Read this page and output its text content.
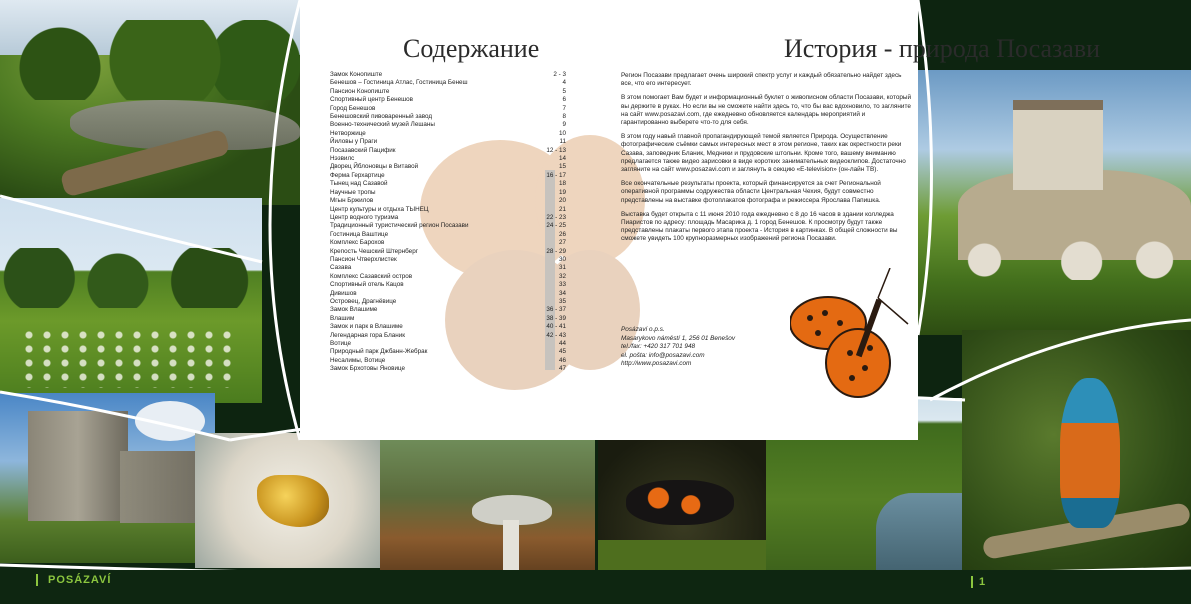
Содержание	История - природа Посазави
Замок Конопиште	2 - 3
Бенешов – Гостиница Атлас, Гостиница Бенеш	4
Пансион Конопиште	5
Спортивный центр Бенешов	6
Город Бенешов	7
Бенешовский пивоваренный завод	8
Военно-технический музей Лешаны	9
Нетворжице	10
Йиловы у Праги	11
Посазавский Пацифик	12 - 13
Нэзвилс	14
Дворец Йблоновцы в Витавой	15
Ферма Герхартице	16 - 17
Тынец над Сазавой	18
Научные тропы	19
Мгын Бржилов	20
Центр культуры и отдыха ТЫНЕЦ	21
Центр водного туризма	22 - 23
Традиционный туристический регион Посазави	24 - 25
Гостиница Ваштице	26
Комплекс Барохов	27
Крепость Чешский Штернберг	28 - 29
Пансион Чтверхлистек	30
Сазава	31
Комплекс Сазавский остров	32
Спортивный отель Кацов	33
Дивишов	34
Островец, Драгнёвице	35
Замок Влашиме	36 - 37
Влашим	38 - 39
Замок и парк в Влашиме	40 - 41
Легендарная гора Бланик	42 - 43
Вотице	44
Природный парк Джбанн-Жебрак	45
Несалимы, Вотице	46
Замок Брхотовы Яновице	47

Регион Посазави предлагает очень широкий спектр услуг и каждый обязательно найдет здесь все, что его интересует.

В этом помогает Вам будет и информационный буклет о живописном области Посазави, который вы держите в руках. Но если вы не сможете найти здесь то, что бы вас вдохновило, то загляните на сайт www.posazavi.com, где ежедневно обновляется календарь мероприятий и гарантированно выберете что-то для себя.

В этом году навый главной пропагандирующей темой является Природа. Осуществление фотографические съёмки самых интересных мест в этом регионе, таких как окрестности реки Сазава, заповедник Бланик, Медники и прудовские штольни. Кроме того, вашему вниманию предлагается также видео зарисовки в виде коротких занимательных видеоклипов. Достаточно загляните на сайт www.posazavi.com и заглянуть в секцию «E-television» (он-лайн ТВ).

Все окончательные результаты проекта, который финансируется за счет Региональной оперативной программы содружества области Центральная Чехия, будут совместно представлены на выставке фотоплакатов фотографа и режиссера Ярослава Папишка.

Выставка будет открыта с 11 июня 2010 года ежедневно с 8 до 16 часов в здании колледжа Пиаристов по адресу: площадь Масарика д. 1 город Бенешов. К просмотру будут также представлены плакаты первого этапа проекта - История в картинках. В общей сложности вы сможете увидеть 100 крупноразмерных изображений региона Посазави.

Posázaví o.p.s.
Masarykovo náměstí 1, 256 01 Benešov
tel./fax: +420 317 701 948
el. pošta: info@posazavi.com
http://www.posazavi.com
POSÁZAVÍ	1
